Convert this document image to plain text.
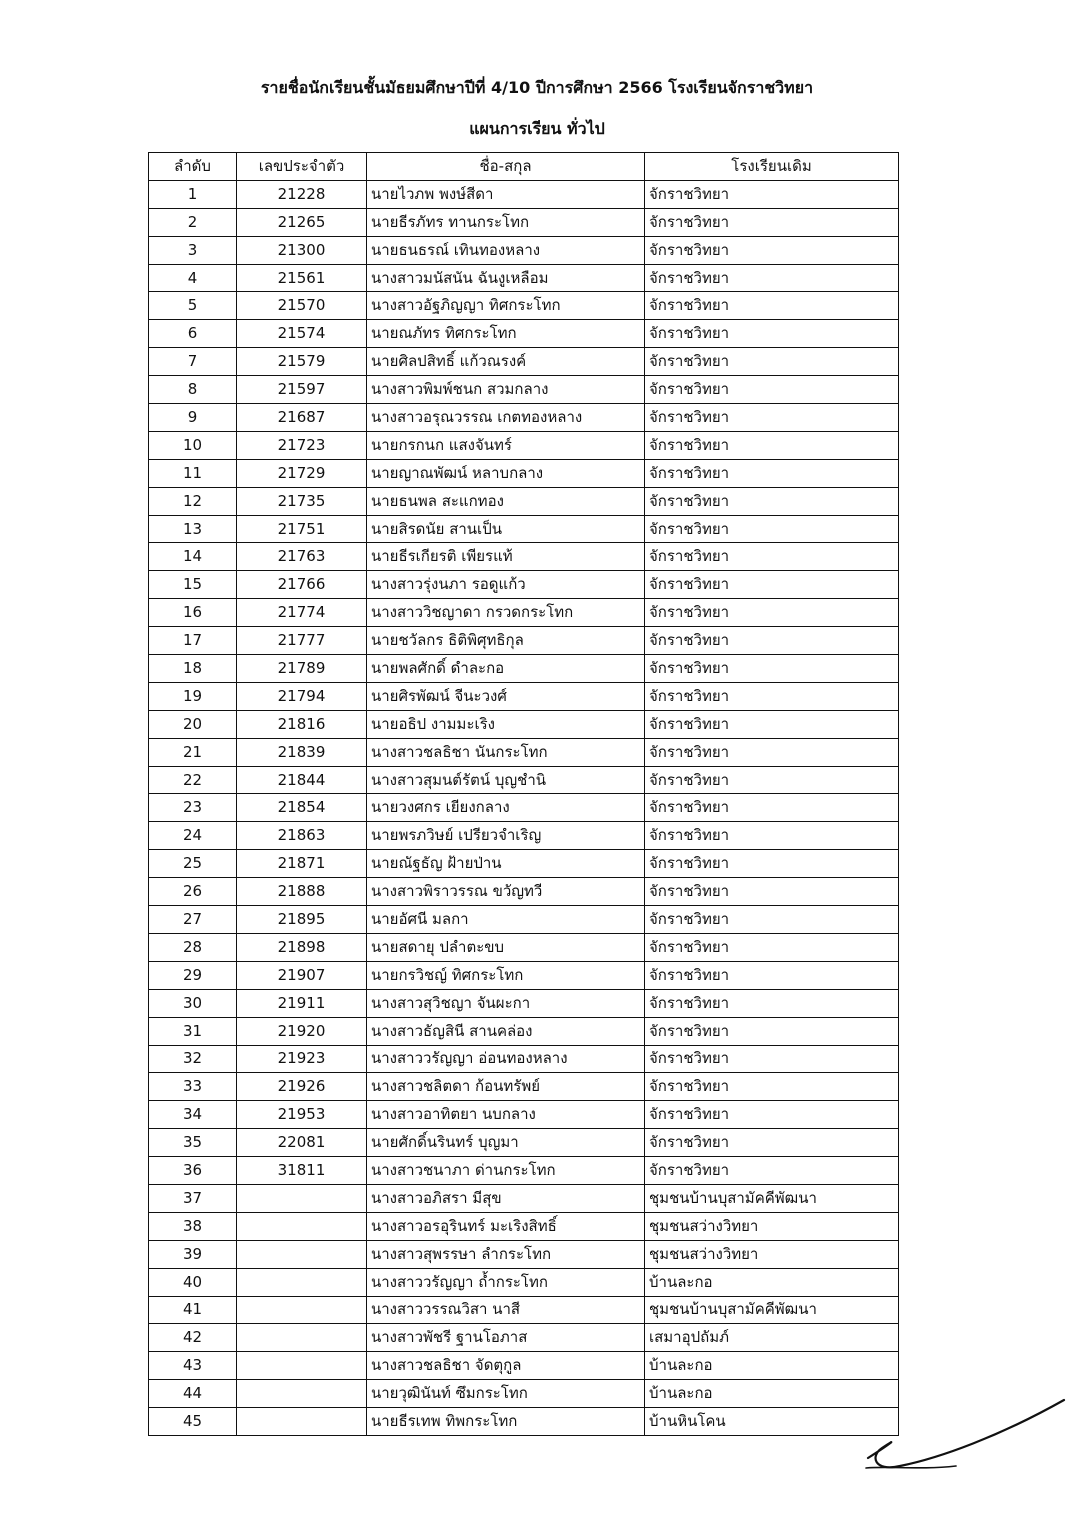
รายชื่อนักเรียนชั้นมัธยมศึกษาปีที่ 4/10 ปีการศึกษา 2566 โรงเรียนจักราชวิทยา
แผนการเรียน ทั่วไป
ลำดับ	เลขประจำตัว	ชื่อ-สกุล	โรงเรียนเดิม
1	21228	นายไวภพ พงษ์สีดา	จักราชวิทยา
2	21265	นายธีรภัทร ทานกระโทก	จักราชวิทยา
3	21300	นายธนธรณ์ เทินทองหลาง	จักราชวิทยา
4	21561	นางสาวมนัสนัน ฉันงูเหลือม	จักราชวิทยา
5	21570	นางสาวอัฐภิญญา ทิศกระโทก	จักราชวิทยา
6	21574	นายณภัทร ทิศกระโทก	จักราชวิทยา
7	21579	นายศิลปสิทธิ์ แก้วณรงค์	จักราชวิทยา
8	21597	นางสาวพิมพ์ชนก สวมกลาง	จักราชวิทยา
9	21687	นางสาวอรุณวรรณ เกตทองหลาง	จักราชวิทยา
10	21723	นายกรกนก แสงจันทร์	จักราชวิทยา
11	21729	นายญาณพัฒน์ หลาบกลาง	จักราชวิทยา
12	21735	นายธนพล สะแกทอง	จักราชวิทยา
13	21751	นายสิรดนัย สานเป็น	จักราชวิทยา
14	21763	นายธีรเกียรติ เพียรแท้	จักราชวิทยา
15	21766	นางสาวรุ่งนภา รอดูแก้ว	จักราชวิทยา
16	21774	นางสาววิชญาดา กรวดกระโทก	จักราชวิทยา
17	21777	นายชวัลกร ธิติพิศุทธิกุล	จักราชวิทยา
18	21789	นายพลศักดิ์ ดำละกอ	จักราชวิทยา
19	21794	นายศิรพัฒน์ จีนะวงศ์	จักราชวิทยา
20	21816	นายอธิป งามมะเริง	จักราชวิทยา
21	21839	นางสาวชลธิชา นันกระโทก	จักราชวิทยา
22	21844	นางสาวสุมนต์รัตน์ บุญชำนิ	จักราชวิทยา
23	21854	นายวงศกร เยียงกลาง	จักราชวิทยา
24	21863	นายพรภวิษย์ เปรียวจำเริญ	จักราชวิทยา
25	21871	นายณัฐธัญ ฝ้ายป่าน	จักราชวิทยา
26	21888	นางสาวพิราวรรณ ขวัญทวี	จักราชวิทยา
27	21895	นายอัศนี มลกา	จักราชวิทยา
28	21898	นายสดายุ ปลำตะขบ	จักราชวิทยา
29	21907	นายกรวิชญ์ ทิศกระโทก	จักราชวิทยา
30	21911	นางสาวสุวิชญา จันผะกา	จักราชวิทยา
31	21920	นางสาวธัญสินี สานคล่อง	จักราชวิทยา
32	21923	นางสาววรัญญา อ่อนทองหลาง	จักราชวิทยา
33	21926	นางสาวชลิตดา ก้อนทรัพย์	จักราชวิทยา
34	21953	นางสาวอาทิตยา นบกลาง	จักราชวิทยา
35	22081	นายศักดิ์นรินทร์ บุญมา	จักราชวิทยา
36	31811	นางสาวชนาภา ด่านกระโทก	จักราชวิทยา
37		นางสาวอภิสรา มีสุข	ชุมชนบ้านบุสามัคคีพัฒนา
38		นางสาวอรอุรินทร์ มะเริงสิทธิ์	ชุมชนสว่างวิทยา
39		นางสาวสุพรรษา ลำกระโทก	ชุมชนสว่างวิทยา
40		นางสาววรัญญา ถ้ำกระโทก	บ้านละกอ
41		นางสาววรรณวิสา นาสี	ชุมชนบ้านบุสามัคคีพัฒนา
42		นางสาวพัชรี ฐานโอภาส	เสมาอุปถัมภ์
43		นางสาวชลธิชา จัดตุกูล	บ้านละกอ
44		นายวุฒินันท์ ซึมกระโทก	บ้านละกอ
45		นายธีรเทพ ทิพกระโทก	บ้านหินโคน
